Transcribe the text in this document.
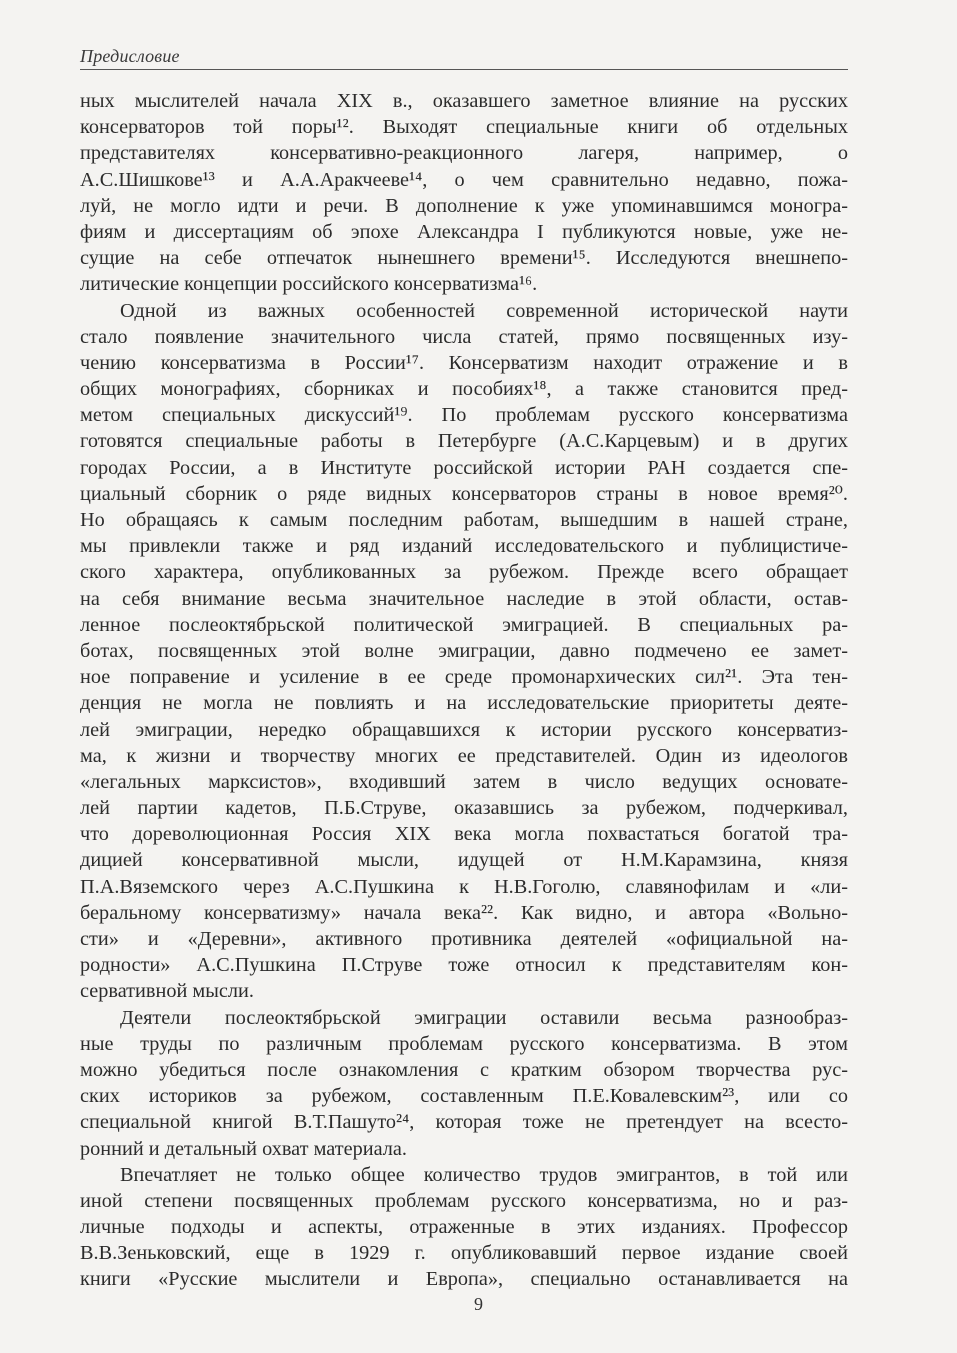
Предисловие
ных мыслителей начала XIX в., оказавшего заметное влияние на русских
консерваторов той поры¹². Выходят специальные книги об отдельных
представителях консервативно-реакционного лагеря, например, о
А.С.Шишкове¹³ и А.А.Аракчееве¹⁴, о чем сравнительно недавно, пожа-
луй, не могло идти и речи. В дополнение к уже упоминавшимся моногра-
фиям и диссертациям об эпохе Александра I публикуются новые, уже не-
сущие на себе отпечаток нынешнего времени¹⁵. Исследуются внешнепо-
литические концепции российского консерватизма¹⁶.
Одной из важных особенностей современной исторической наути
стало появление значительного числа статей, прямо посвященных изу-
чению консерватизма в России¹⁷. Консерватизм находит отражение и в
общих монографиях, сборниках и пособиях¹⁸, а также становится пред-
метом специальных дискуссий¹⁹. По проблемам русского консерватизма
готовятся специальные работы в Петербурге (А.С.Карцевым) и в других
городах России, а в Институте российской истории РАН создается спе-
циальный сборник о ряде видных консерваторов страны в новое время²⁰.
Но обращаясь к самым последним работам, вышедшим в нашей стране,
мы привлекли также и ряд изданий исследовательского и публицистиче-
ского характера, опубликованных за рубежом. Прежде всего обращает
на себя внимание весьма значительное наследие в этой области, остав-
ленное послеоктябрьской политической эмиграцией. В специальных ра-
ботах, посвященных этой волне эмиграции, давно подмечено ее замет-
ное поправение и усиление в ее среде промонархических сил²¹. Эта тен-
денция не могла не повлиять и на исследовательские приоритеты деяте-
лей эмиграции, нередко обращавшихся к истории русского консерватиз-
ма, к жизни и творчеству многих ее представителей. Один из идеологов
«легальных марксистов», входивший затем в число ведущих основате-
лей партии кадетов, П.Б.Струве, оказавшись за рубежом, подчеркивал,
что дореволюционная Россия XIX века могла похвастаться богатой тра-
дицией консервативной мысли, идущей от Н.М.Карамзина, князя
П.А.Вяземского через А.С.Пушкина к Н.В.Гоголю, славянофилам и «ли-
беральному консерватизму» начала века²². Как видно, и автора «Вольно-
сти» и «Деревни», активного противника деятелей «официальной на-
родности» А.С.Пушкина П.Струве тоже относил к представителям кон-
сервативной мысли.
Деятели послеоктябрьской эмиграции оставили весьма разнообраз-
ные труды по различным проблемам русского консерватизма. В этом
можно убедиться после ознакомления с кратким обзором творчества рус-
ских историков за рубежом, составленным П.Е.Ковалевским²³, или со
специальной книгой В.Т.Пашуто²⁴, которая тоже не претендует на всесто-
ронний и детальный охват материала.
Впечатляет не только общее количество трудов эмигрантов, в той или
иной степени посвященных проблемам русского консерватизма, но и раз-
личные подходы и аспекты, отраженные в этих изданиях. Профессор
В.В.Зеньковский, еще в 1929 г. опубликовавший первое издание своей
книги «Русские мыслители и Европа», специально останавливается на
9
